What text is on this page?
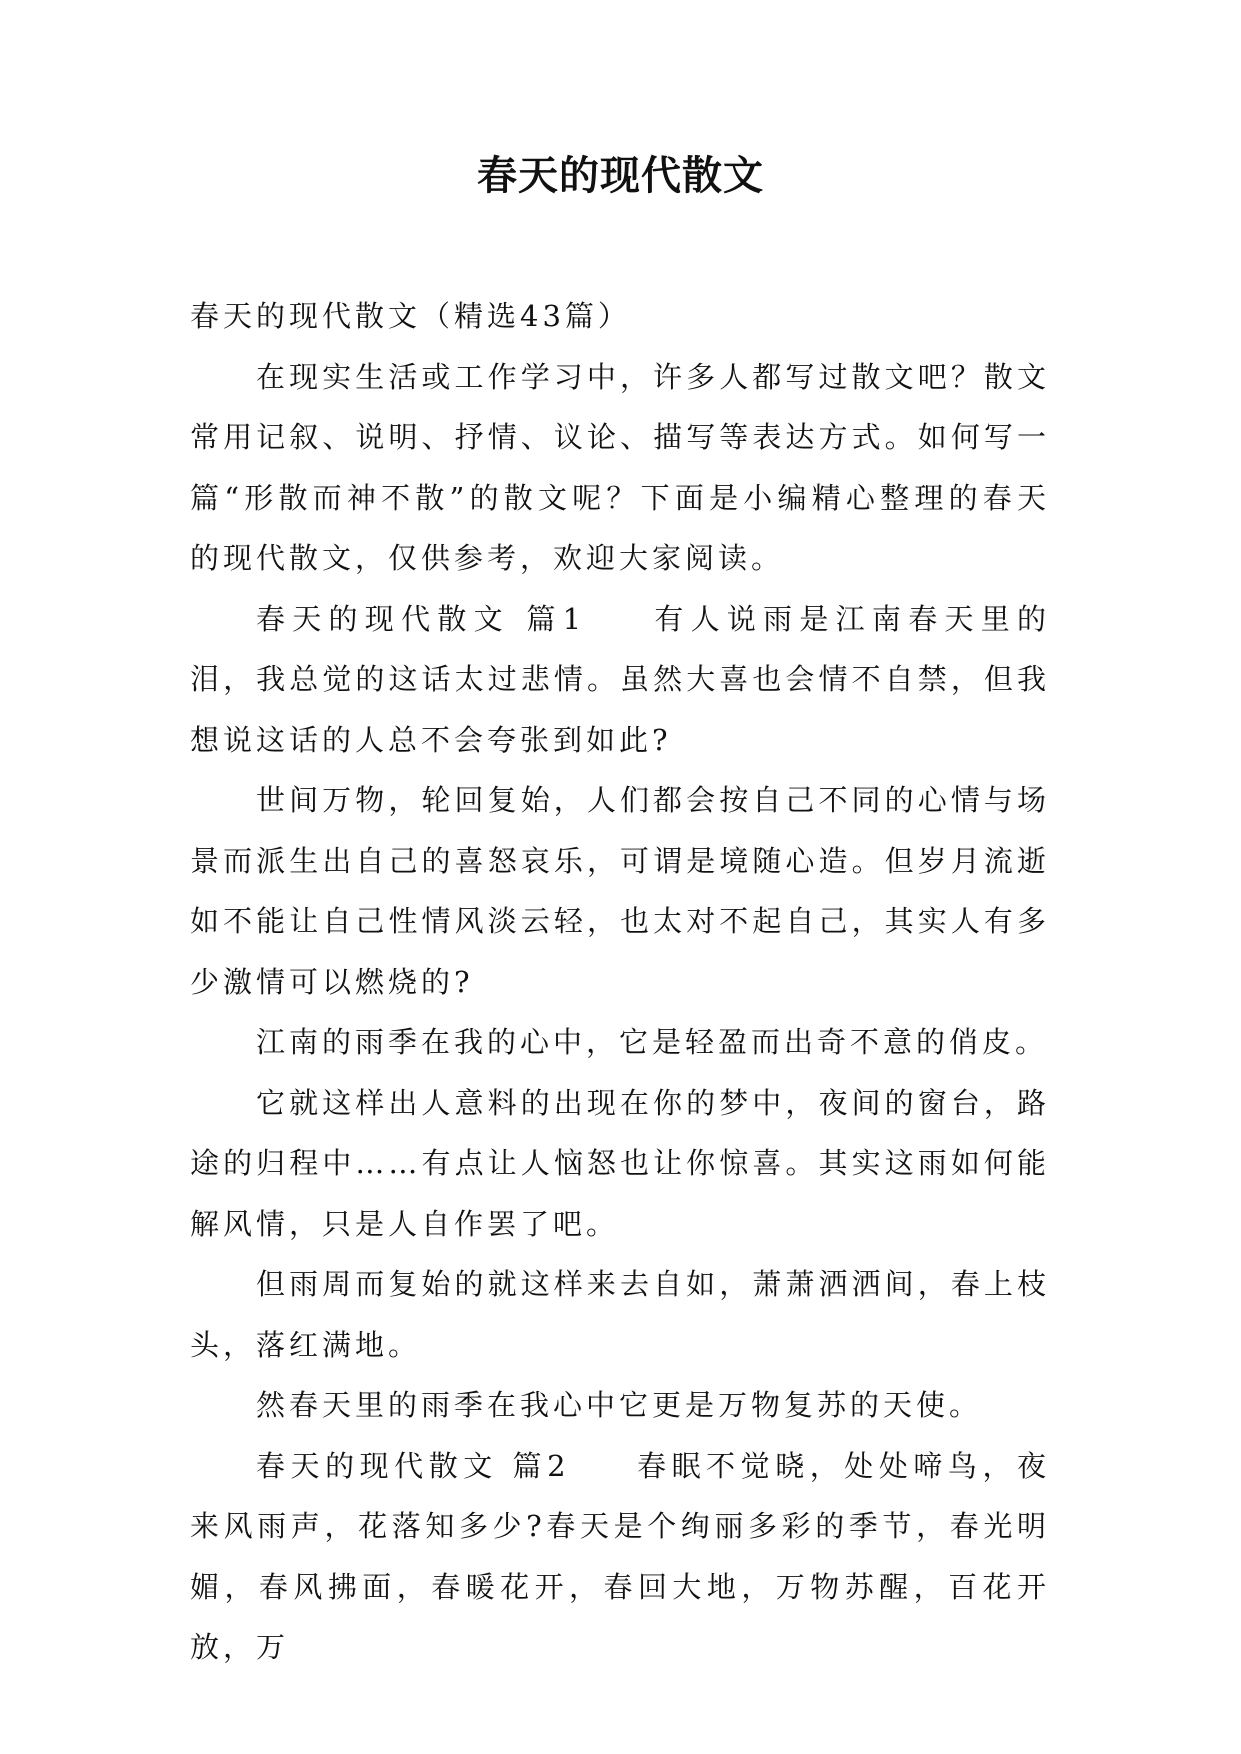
春天的现代散文

春天的现代散文（精选43篇）

在现实生活或工作学习中，许多人都写过散文吧？散文常用记叙、说明、抒情、议论、描写等表达方式。如何写一篇“形散而神不散”的散文呢？下面是小编精心整理的春天的现代散文，仅供参考，欢迎大家阅读。

春天的现代散文 篇1 有人说雨是江南春天里的泪，我总觉的这话太过悲情。虽然大喜也会情不自禁，但我想说这话的人总不会夸张到如此?

世间万物，轮回复始，人们都会按自己不同的心情与场景而派生出自己的喜怒哀乐，可谓是境随心造。但岁月流逝如不能让自己性情风淡云轻，也太对不起自己，其实人有多少激情可以燃烧的?

江南的雨季在我的心中，它是轻盈而出奇不意的俏皮。

它就这样出人意料的出现在你的梦中，夜间的窗台，路途的归程中……有点让人恼怒也让你惊喜。其实这雨如何能解风情，只是人自作罢了吧。

但雨周而复始的就这样来去自如，萧萧洒洒间，春上枝头，落红满地。

然春天里的雨季在我心中它更是万物复苏的天使。

春天的现代散文 篇2 春眠不觉晓，处处啼鸟，夜来风雨声，花落知多少?春天是个绚丽多彩的季节，春光明媚，春风拂面，春暖花开，春回大地，万物苏醒，百花开放，万
